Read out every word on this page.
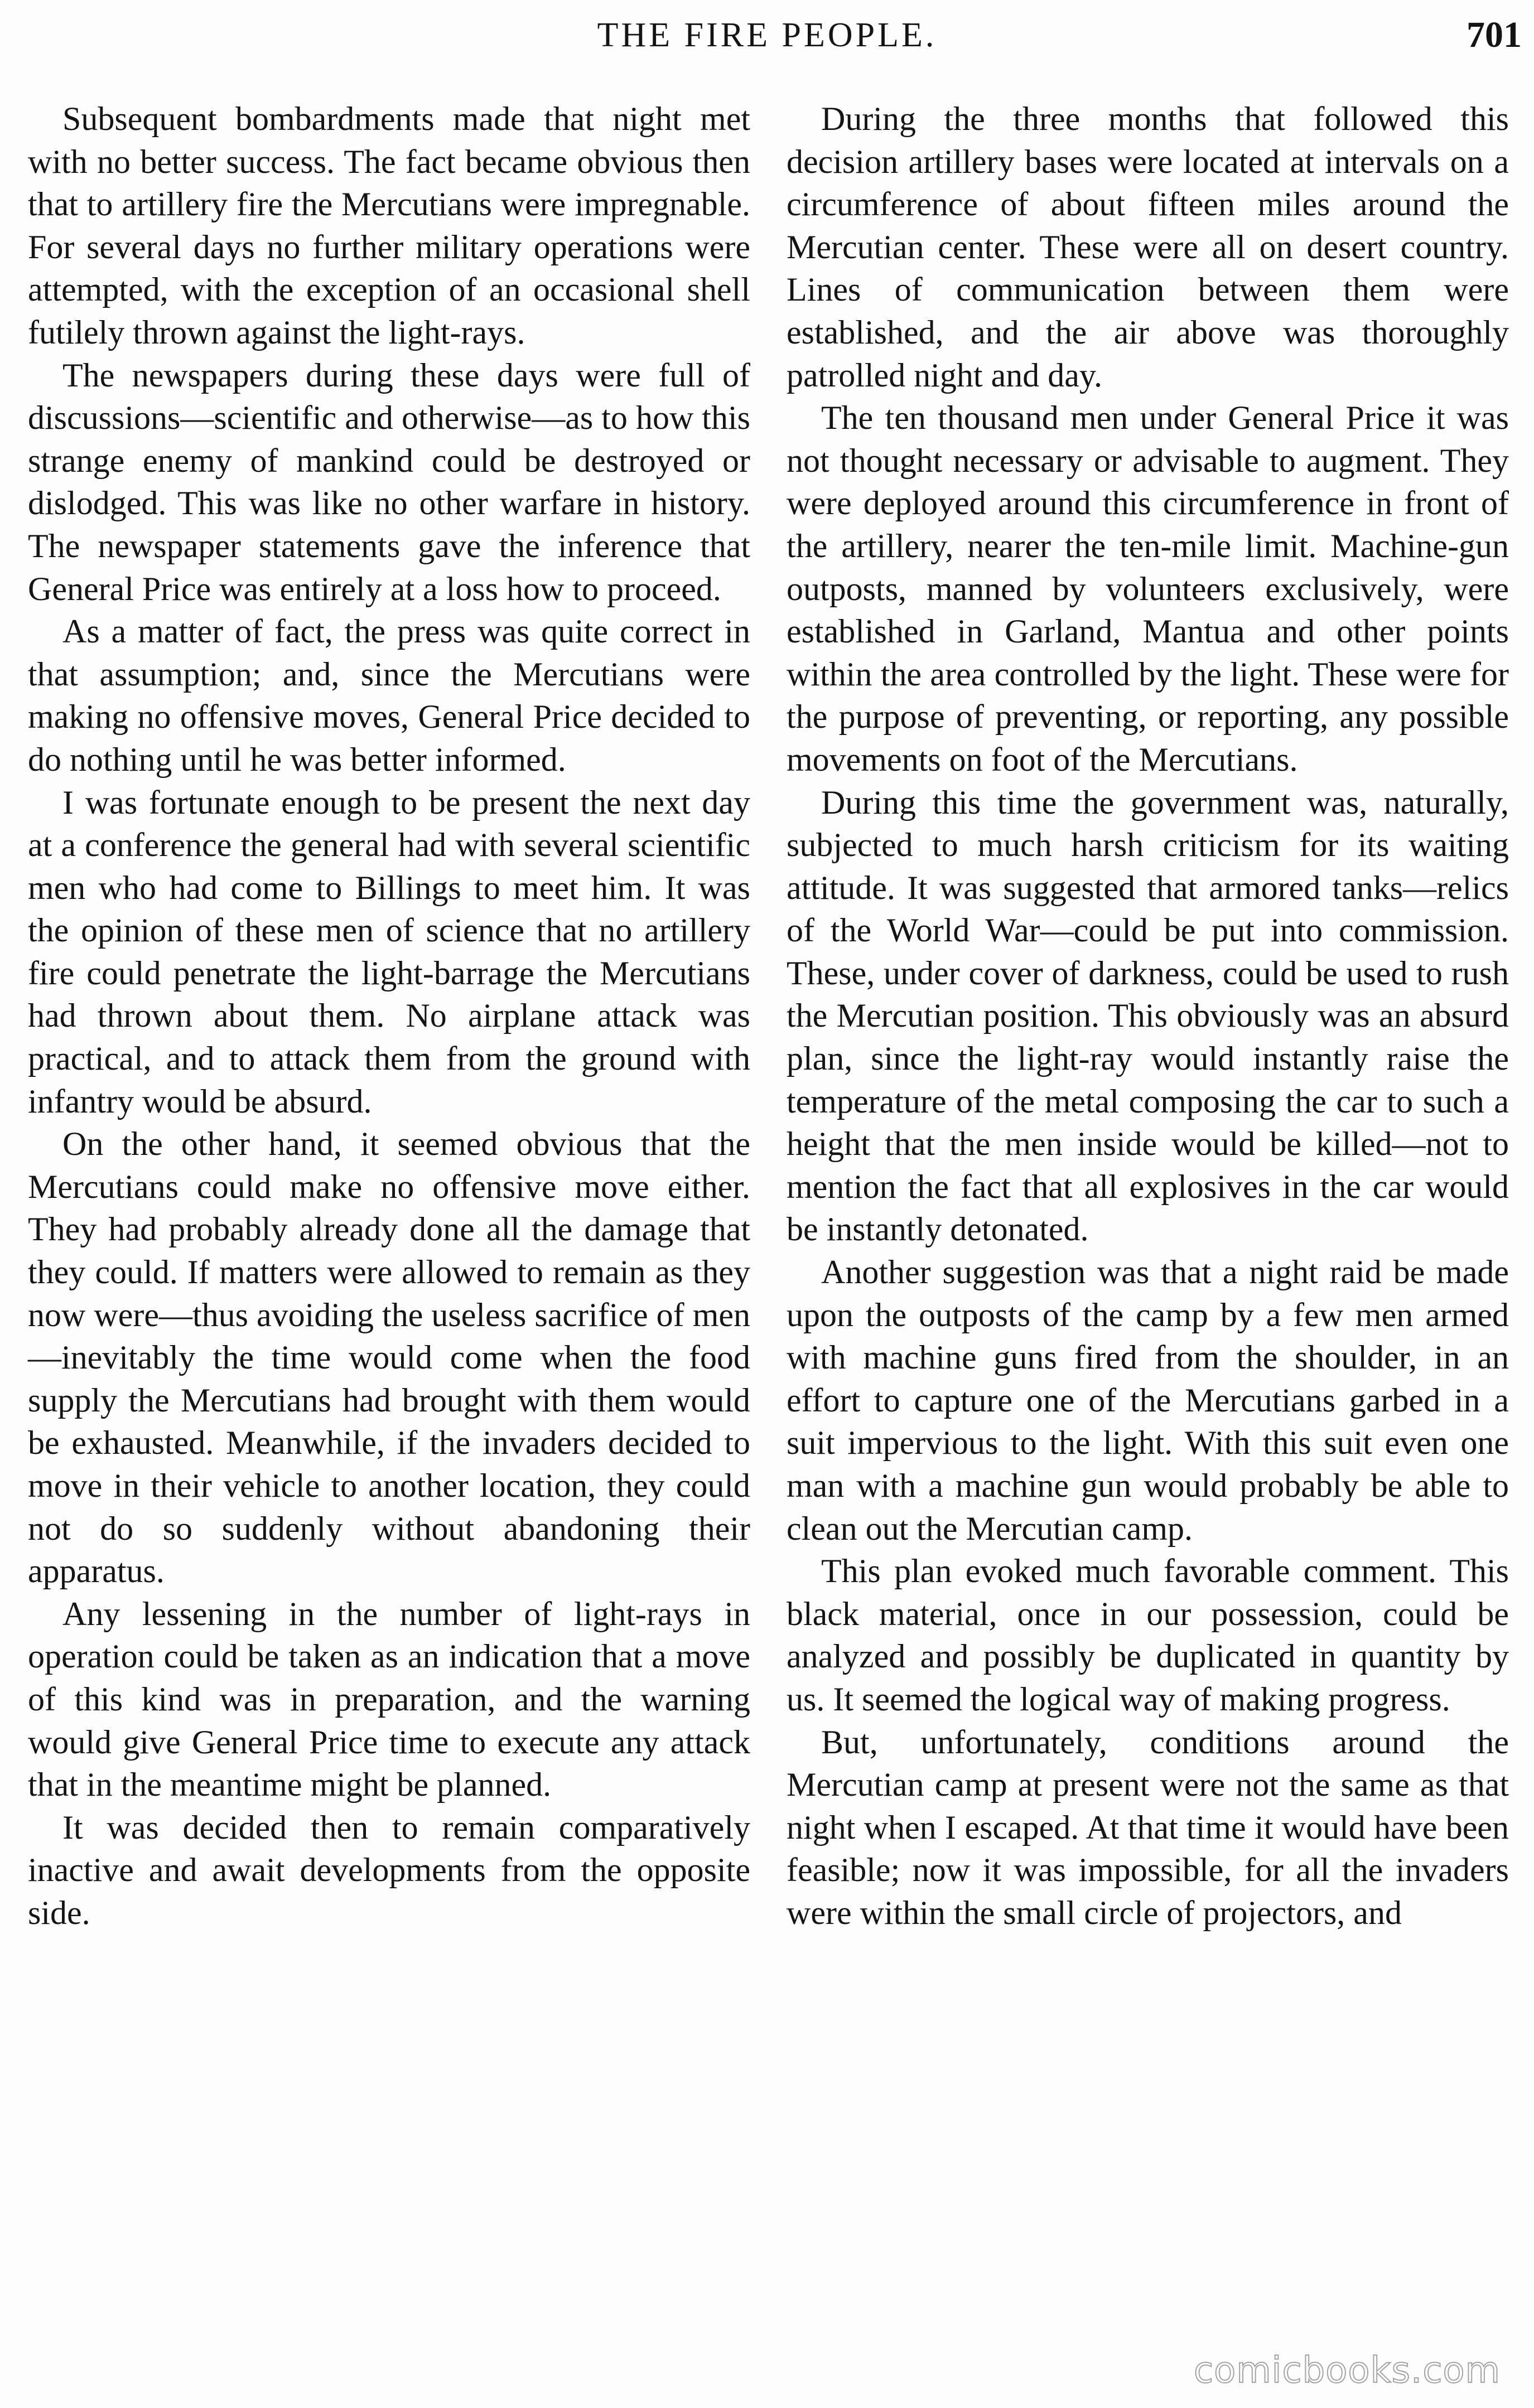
THE FIRE PEOPLE.	701

Subsequent bombardments made that night met with no better success. The fact became obvious then that to artillery fire the Mercutians were impregnable. For several days no further military operations were attempted, with the exception of an occasional shell futilely thrown against the light-rays.

The newspapers during these days were full of discussions—scientific and otherwise—as to how this strange enemy of mankind could be destroyed or dislodged. This was like no other warfare in history. The newspaper statements gave the inference that General Price was entirely at a loss how to proceed.

As a matter of fact, the press was quite correct in that assumption; and, since the Mercutians were making no offensive moves, General Price decided to do nothing until he was better informed.

I was fortunate enough to be present the next day at a conference the general had with several scientific men who had come to Billings to meet him. It was the opinion of these men of science that no artillery fire could penetrate the light-barrage the Mercutians had thrown about them. No airplane attack was practical, and to attack them from the ground with infantry would be absurd.

On the other hand, it seemed obvious that the Mercutians could make no offensive move either. They had probably already done all the damage that they could. If matters were allowed to remain as they now were—thus avoiding the useless sacrifice of men—inevitably the time would come when the food supply the Mercutians had brought with them would be exhausted. Meanwhile, if the invaders decided to move in their vehicle to another location, they could not do so suddenly without abandoning their apparatus.

Any lessening in the number of light-rays in operation could be taken as an indication that a move of this kind was in preparation, and the warning would give General Price time to execute any attack that in the meantime might be planned.

It was decided then to remain comparatively inactive and await developments from the opposite side.

During the three months that followed this decision artillery bases were located at intervals on a circumference of about fifteen miles around the Mercutian center. These were all on desert country. Lines of communication between them were established, and the air above was thoroughly patrolled night and day.

The ten thousand men under General Price it was not thought necessary or advisable to augment. They were deployed around this circumference in front of the artillery, nearer the ten-mile limit. Machine-gun outposts, manned by volunteers exclusively, were established in Garland, Mantua and other points within the area controlled by the light. These were for the purpose of preventing, or reporting, any possible movements on foot of the Mercutians.

During this time the government was, naturally, subjected to much harsh criticism for its waiting attitude. It was suggested that armored tanks—relics of the World War—could be put into commission. These, under cover of darkness, could be used to rush the Mercutian position. This obviously was an absurd plan, since the light-ray would instantly raise the temperature of the metal composing the car to such a height that the men inside would be killed—not to mention the fact that all explosives in the car would be instantly detonated.

Another suggestion was that a night raid be made upon the outposts of the camp by a few men armed with machine guns fired from the shoulder, in an effort to capture one of the Mercutians garbed in a suit impervious to the light. With this suit even one man with a machine gun would probably be able to clean out the Mercutian camp.

This plan evoked much favorable comment. This black material, once in our possession, could be analyzed and possibly be duplicated in quantity by us. It seemed the logical way of making progress.

But, unfortunately, conditions around the Mercutian camp at present were not the same as that night when I escaped. At that time it would have been feasible; now it was impossible, for all the invaders were within the small circle of projectors, and

comicbooks.com
